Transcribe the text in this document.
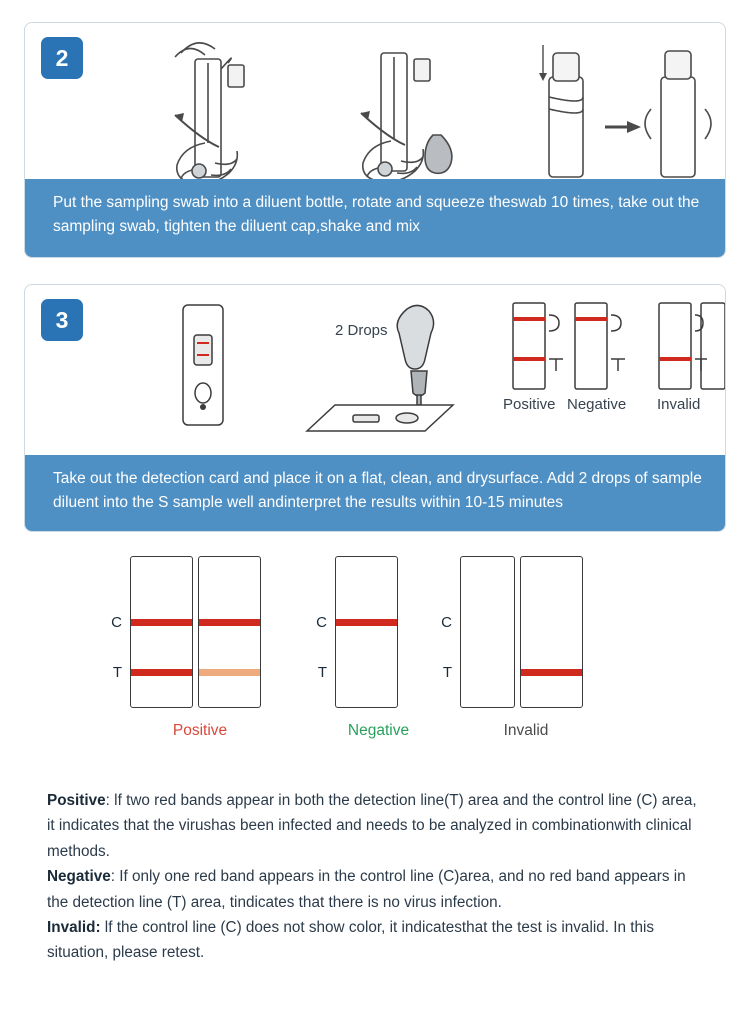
2
Put the sampling swab into a diluent bottle, rotate and squeeze theswab 10 times, take out the sampling swab, tighten the diluent cap,shake and mix
3	2 Drops
Positive Negative Invalid
Take out the detection card and place it on a flat, clean, and drysurface. Add 2 drops of sample diluent into the S sample well andinterpret the results within 10-15 minutes
C
T
Positive
C
T
Negative
C
T
Invalid

Positive: lf two red bands appear in both the detection line(T) area and the control line (C) area, it indicates that the virushas been infected and needs to be analyzed in combinationwith clinical methods.

Negative: If only one red band appears in the control line (C)area, and no red band appears in the detection line (T) area, tindicates that there is no virus infection.

Invalid: lf the control line (C) does not show color, it indicatesthat the test is invalid. In this situation, please retest.
